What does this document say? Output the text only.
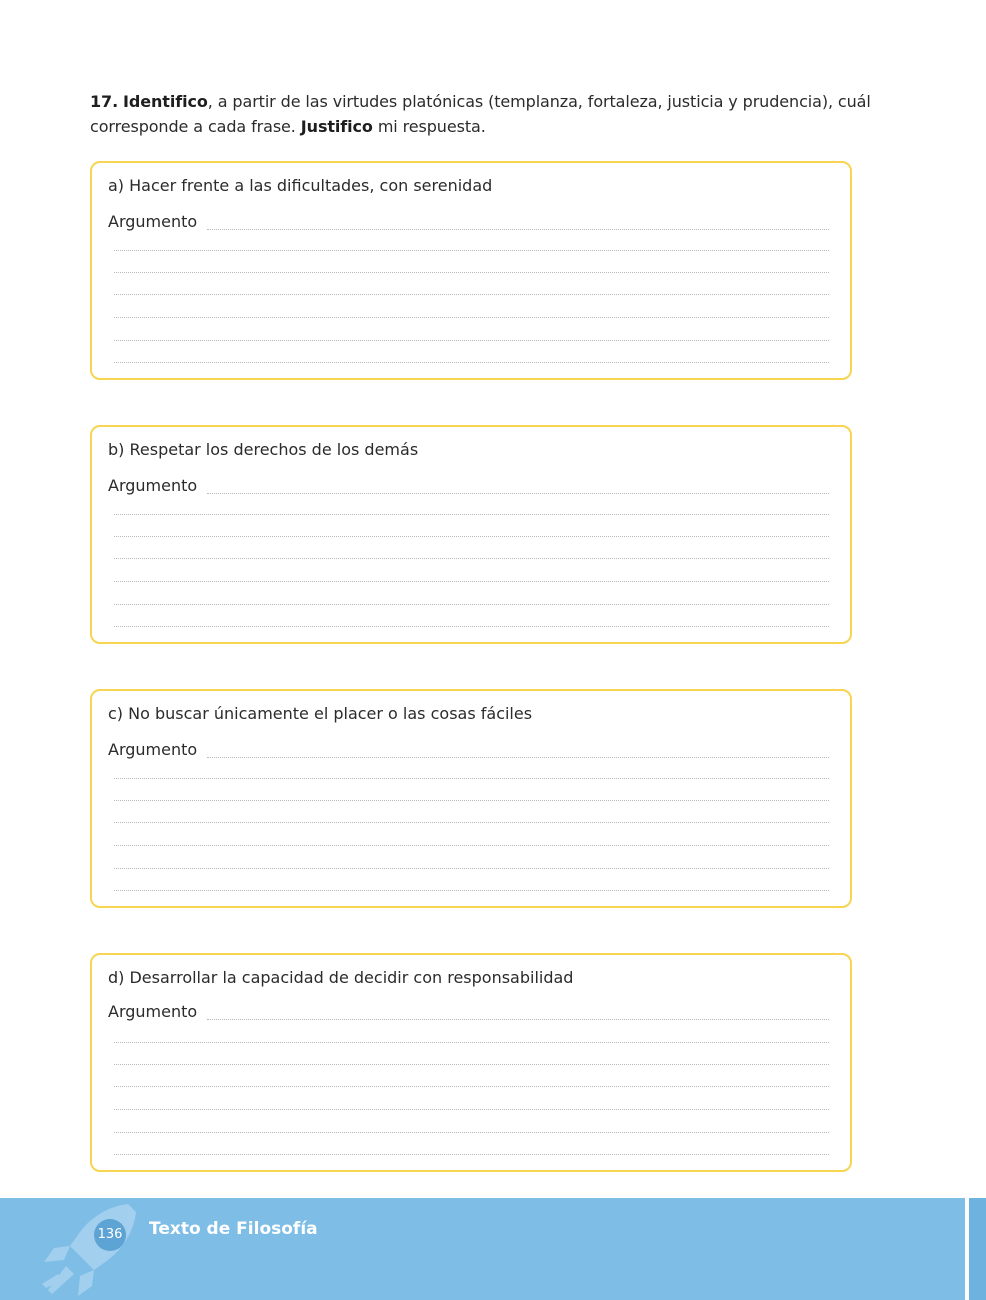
17. Identifico, a partir de las virtudes platónicas (templanza, fortaleza, justicia y prudencia), cuál corresponde a cada frase. Justifico mi respuesta.

a) Hacer frente a las dificultades, con serenidad
Argumento
b) Respetar los derechos de los demás
Argumento
c) No buscar únicamente el placer o las cosas fáciles
Argumento
d) Desarrollar la capacidad de decidir con responsabilidad
Argumento
136 Texto de Filosofía
